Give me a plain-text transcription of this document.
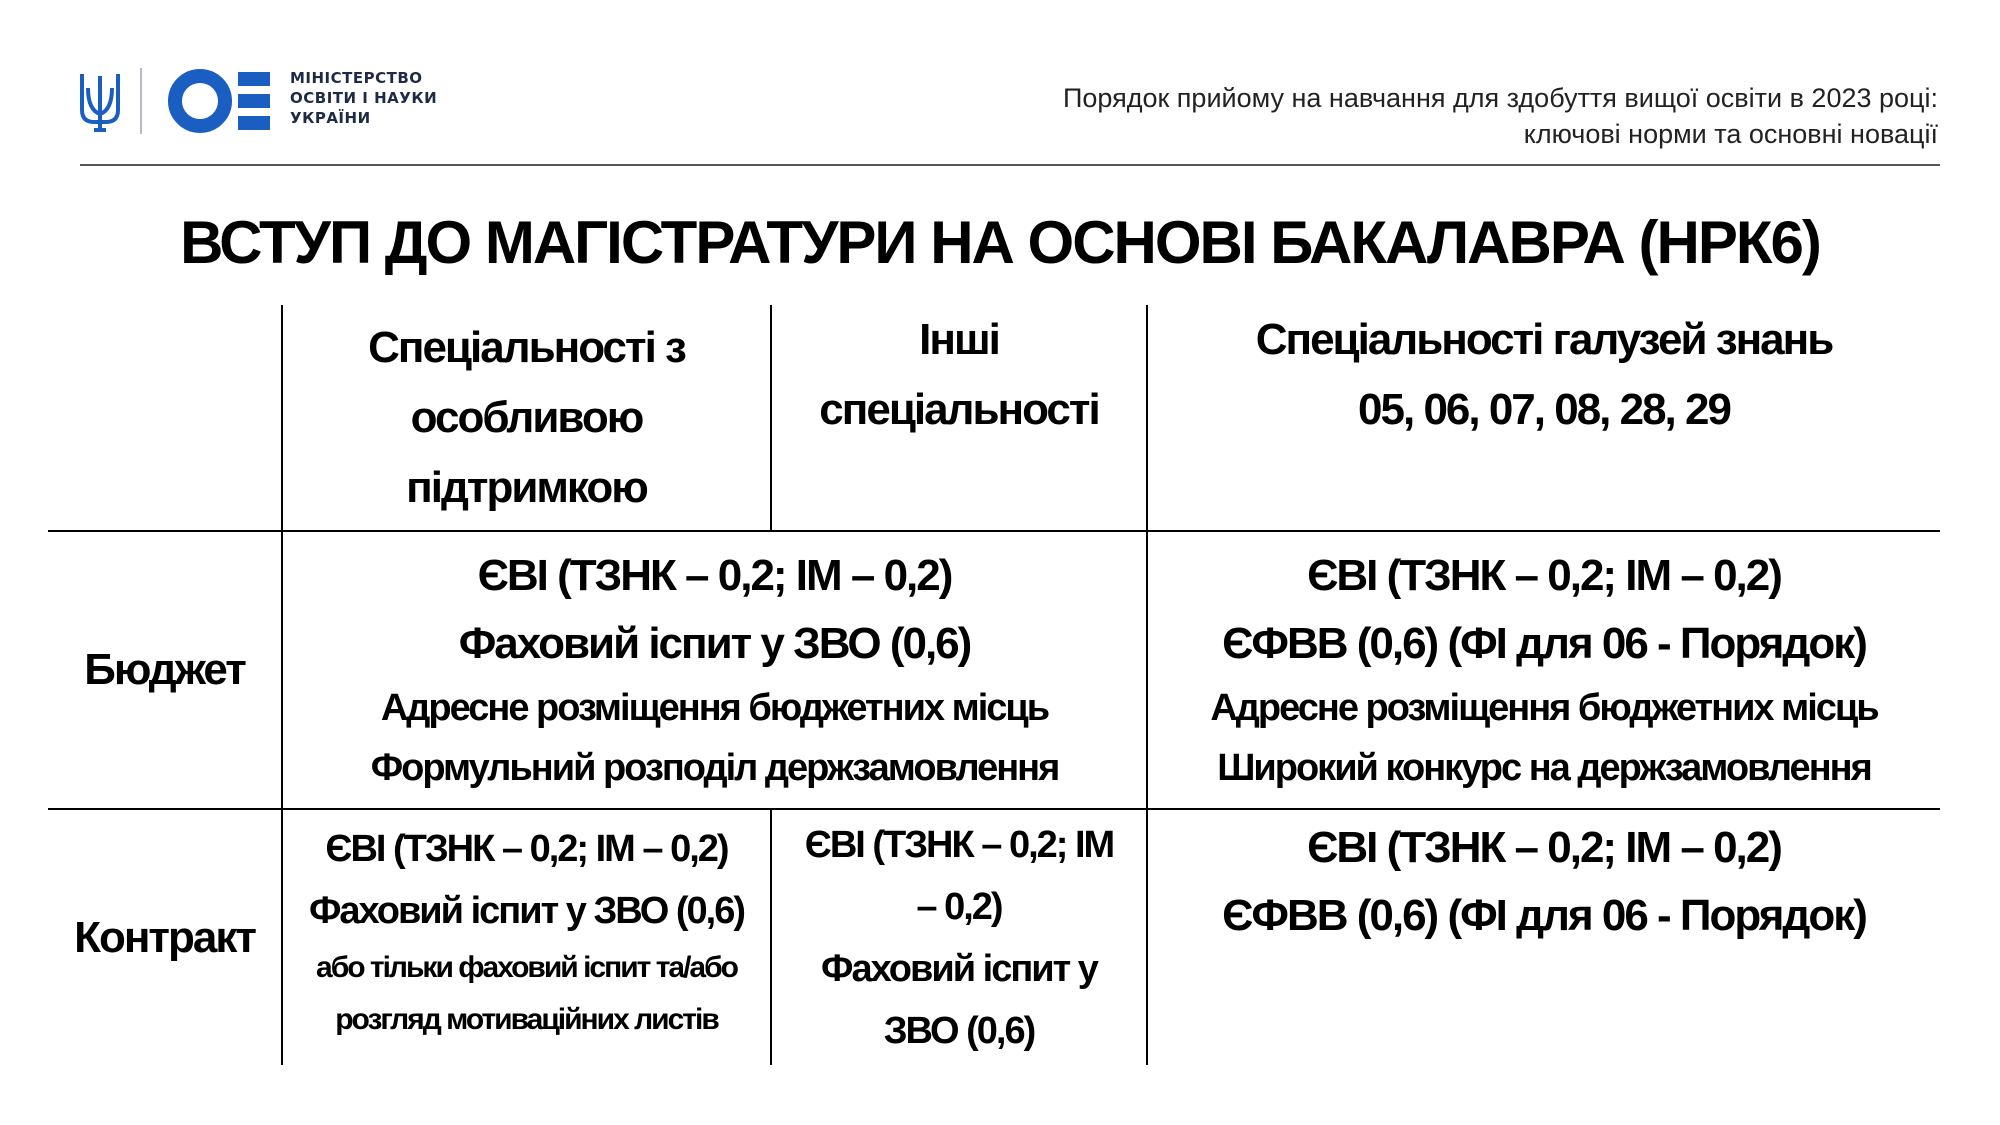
МІНІСТЕРСТВО
ОСВІТИ І НАУКИ
УКРАЇНИ
Порядок прийому на навчання для здобуття вищої освіти в 2023 році:
ключові норми та основні новації
ВСТУП ДО МАГІСТРАТУРИ НА ОСНОВІ БАКАЛАВРА (НРК6)
Спеціальності з
особливою
підтримкою
Інші
спеціальності
Спеціальності галузей знань
05, 06, 07, 08, 28, 29
Бюджет
ЄВІ (ТЗНК – 0,2; ІМ – 0,2)
Фаховий іспит у ЗВО (0,6)
Адресне розміщення бюджетних місць
Формульний розподіл держзамовлення
ЄВІ (ТЗНК – 0,2; ІМ – 0,2)
ЄФВВ (0,6) (ФІ для 06 - Порядок)
Адресне розміщення бюджетних місць
Широкий конкурс на держзамовлення
Контракт
ЄВІ (ТЗНК – 0,2; ІМ – 0,2)
Фаховий іспит у ЗВО (0,6)
або тільки фаховий іспит та/або
розгляд мотиваційних листів
ЄВІ (ТЗНК – 0,2; ІМ
– 0,2)
Фаховий іспит у
ЗВО (0,6)
ЄВІ (ТЗНК – 0,2; ІМ – 0,2)
ЄФВВ (0,6) (ФІ для 06 - Порядок)
